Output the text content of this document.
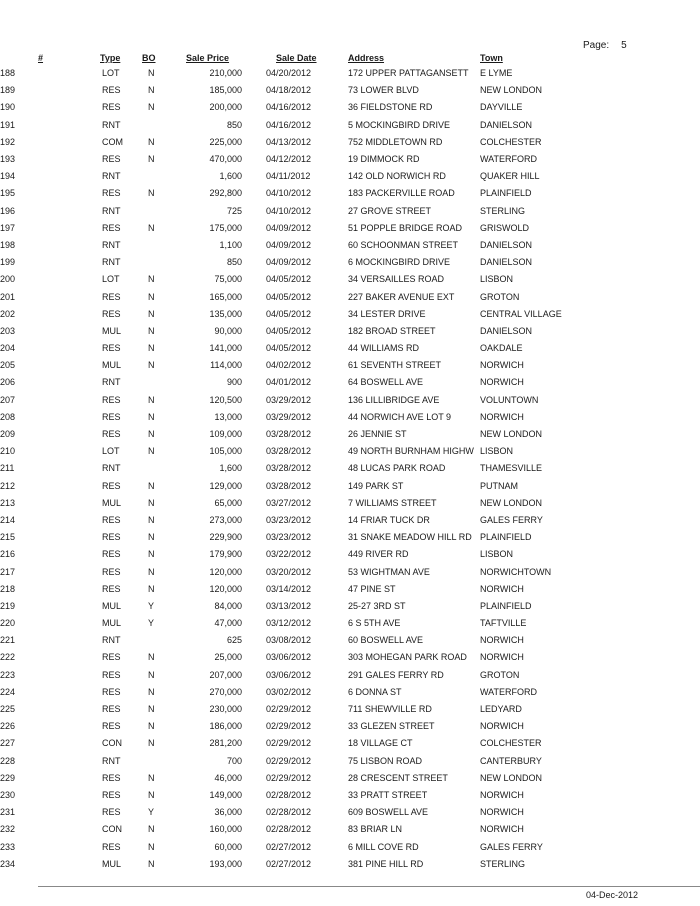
Page: 5
#	Type	BO	Sale Price	Sale Date	Address	Town
188	LOT	N	210,000	04/20/2012	172 UPPER PATTAGANSETT	E LYME
189	RES	N	185,000	04/18/2012	73 LOWER BLVD	NEW LONDON
190	RES	N	200,000	04/16/2012	36 FIELDSTONE RD	DAYVILLE
191	RNT		850	04/16/2012	5 MOCKINGBIRD DRIVE	DANIELSON
192	COM	N	225,000	04/13/2012	752 MIDDLETOWN RD	COLCHESTER
193	RES	N	470,000	04/12/2012	19 DIMMOCK RD	WATERFORD
194	RNT		1,600	04/11/2012	142 OLD NORWICH RD	QUAKER HILL
195	RES	N	292,800	04/10/2012	183 PACKERVILLE ROAD	PLAINFIELD
196	RNT		725	04/10/2012	27 GROVE STREET	STERLING
197	RES	N	175,000	04/09/2012	51 POPPLE BRIDGE ROAD	GRISWOLD
198	RNT		1,100	04/09/2012	60 SCHOONMAN STREET	DANIELSON
199	RNT		850	04/09/2012	6 MOCKINGBIRD DRIVE	DANIELSON
200	LOT	N	75,000	04/05/2012	34 VERSAILLES ROAD	LISBON
201	RES	N	165,000	04/05/2012	227 BAKER AVENUE EXT	GROTON
202	RES	N	135,000	04/05/2012	34 LESTER DRIVE	CENTRAL VILLAGE
203	MUL	N	90,000	04/05/2012	182 BROAD STREET	DANIELSON
204	RES	N	141,000	04/05/2012	44 WILLIAMS RD	OAKDALE
205	MUL	N	114,000	04/02/2012	61 SEVENTH STREET	NORWICH
206	RNT		900	04/01/2012	64 BOSWELL AVE	NORWICH
207	RES	N	120,500	03/29/2012	136 LILLIBRIDGE AVE	VOLUNTOWN
208	RES	N	13,000	03/29/2012	44 NORWICH AVE LOT 9	NORWICH
209	RES	N	109,000	03/28/2012	26 JENNIE ST	NEW LONDON
210	LOT	N	105,000	03/28/2012	49 NORTH BURNHAM HIGHW	LISBON
211	RNT		1,600	03/28/2012	48 LUCAS PARK ROAD	THAMESVILLE
212	RES	N	129,000	03/28/2012	149 PARK ST	PUTNAM
213	MUL	N	65,000	03/27/2012	7 WILLIAMS STREET	NEW LONDON
214	RES	N	273,000	03/23/2012	14 FRIAR TUCK DR	GALES FERRY
215	RES	N	229,900	03/23/2012	31 SNAKE MEADOW HILL RD	PLAINFIELD
216	RES	N	179,900	03/22/2012	449 RIVER RD	LISBON
217	RES	N	120,000	03/20/2012	53 WIGHTMAN AVE	NORWICHTOWN
218	RES	N	120,000	03/14/2012	47 PINE ST	NORWICH
219	MUL	Y	84,000	03/13/2012	25-27 3RD ST	PLAINFIELD
220	MUL	Y	47,000	03/12/2012	6 S 5TH AVE	TAFTVILLE
221	RNT		625	03/08/2012	60 BOSWELL AVE	NORWICH
222	RES	N	25,000	03/06/2012	303 MOHEGAN PARK ROAD	NORWICH
223	RES	N	207,000	03/06/2012	291 GALES FERRY RD	GROTON
224	RES	N	270,000	03/02/2012	6 DONNA ST	WATERFORD
225	RES	N	230,000	02/29/2012	711 SHEWVILLE RD	LEDYARD
226	RES	N	186,000	02/29/2012	33 GLEZEN STREET	NORWICH
227	CON	N	281,200	02/29/2012	18 VILLAGE CT	COLCHESTER
228	RNT		700	02/29/2012	75 LISBON ROAD	CANTERBURY
229	RES	N	46,000	02/29/2012	28 CRESCENT STREET	NEW LONDON
230	RES	N	149,000	02/28/2012	33 PRATT STREET	NORWICH
231	RES	Y	36,000	02/28/2012	609 BOSWELL AVE	NORWICH
232	CON	N	160,000	02/28/2012	83 BRIAR LN	NORWICH
233	RES	N	60,000	02/27/2012	6 MILL COVE RD	GALES FERRY
234	MUL	N	193,000	02/27/2012	381 PINE HILL RD	STERLING
04-Dec-2012
